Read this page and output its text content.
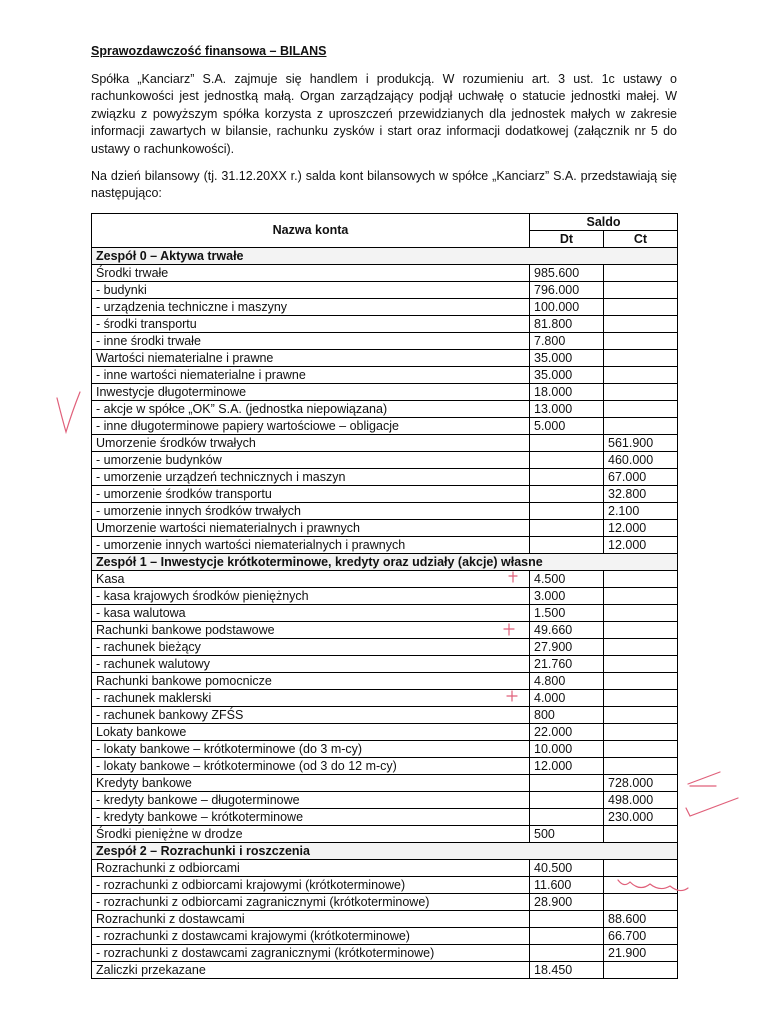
Sprawozdawczość finansowa – BILANS

Spółka „Kanciarz” S.A. zajmuje się handlem i produkcją. W rozumieniu art. 3 ust. 1c ustawy o rachunkowości jest jednostką małą. Organ zarządzający podjął uchwałę o statucie jednostki małej. W związku z powyższym spółka korzysta z uproszczeń przewidzianych dla jednostek małych w zakresie informacji zawartych w bilansie, rachunku zysków i start oraz informacji dodatkowej (załącznik nr 5 do ustawy o rachunkowości).

Na dzień bilansowy (tj. 31.12.20XX r.) salda kont bilansowych w spółce „Kanciarz” S.A. przedstawiają się następująco:

Nazwa konta	Saldo	
	Dt	Ct
Zespół 0 – Aktywa trwałe		
Środki trwałe	985.600	
- budynki	796.000	
- urządzenia techniczne i maszyny	100.000	
- środki transportu	81.800	
- inne środki trwałe	7.800	
Wartości niematerialne i prawne	35.000	
- inne wartości niematerialne i prawne	35.000	
Inwestycje długoterminowe	18.000	
- akcje w spółce „OK” S.A. (jednostka niepowiązana)	13.000	
- inne długoterminowe papiery wartościowe – obligacje	5.000	
Umorzenie środków trwałych		561.900
- umorzenie budynków		460.000
- umorzenie urządzeń technicznych i maszyn		67.000
- umorzenie środków transportu		32.800
- umorzenie innych środków trwałych		2.100
Umorzenie wartości niematerialnych i prawnych		12.000
- umorzenie innych wartości niematerialnych i prawnych		12.000
Zespół 1 – Inwestycje krótkoterminowe, kredyty oraz udziały (akcje) własne		
Kasa	4.500	
- kasa krajowych środków pieniężnych	3.000	
- kasa walutowa	1.500	
Rachunki bankowe podstawowe	49.660	
- rachunek bieżący	27.900	
- rachunek walutowy	21.760	
Rachunki bankowe pomocnicze	4.800	
- rachunek maklerski	4.000	
- rachunek bankowy ZFŚS	800	
Lokaty bankowe	22.000	
- lokaty bankowe – krótkoterminowe (do 3 m-cy)	10.000	
- lokaty bankowe – krótkoterminowe (od 3 do 12 m-cy)	12.000	
Kredyty bankowe		728.000
- kredyty bankowe – długoterminowe		498.000
- kredyty bankowe – krótkoterminowe		230.000
Środki pieniężne w drodze	500	
Zespół 2 – Rozrachunki i roszczenia		
Rozrachunki z odbiorcami	40.500	
- rozrachunki z odbiorcami krajowymi (krótkoterminowe)	11.600	
- rozrachunki z odbiorcami zagranicznymi (krótkoterminowe)	28.900	
Rozrachunki z dostawcami		88.600
- rozrachunki z dostawcami krajowymi (krótkoterminowe)		66.700
- rozrachunki z dostawcami zagranicznymi (krótkoterminowe)		21.900
Zaliczki przekazane	18.450	
